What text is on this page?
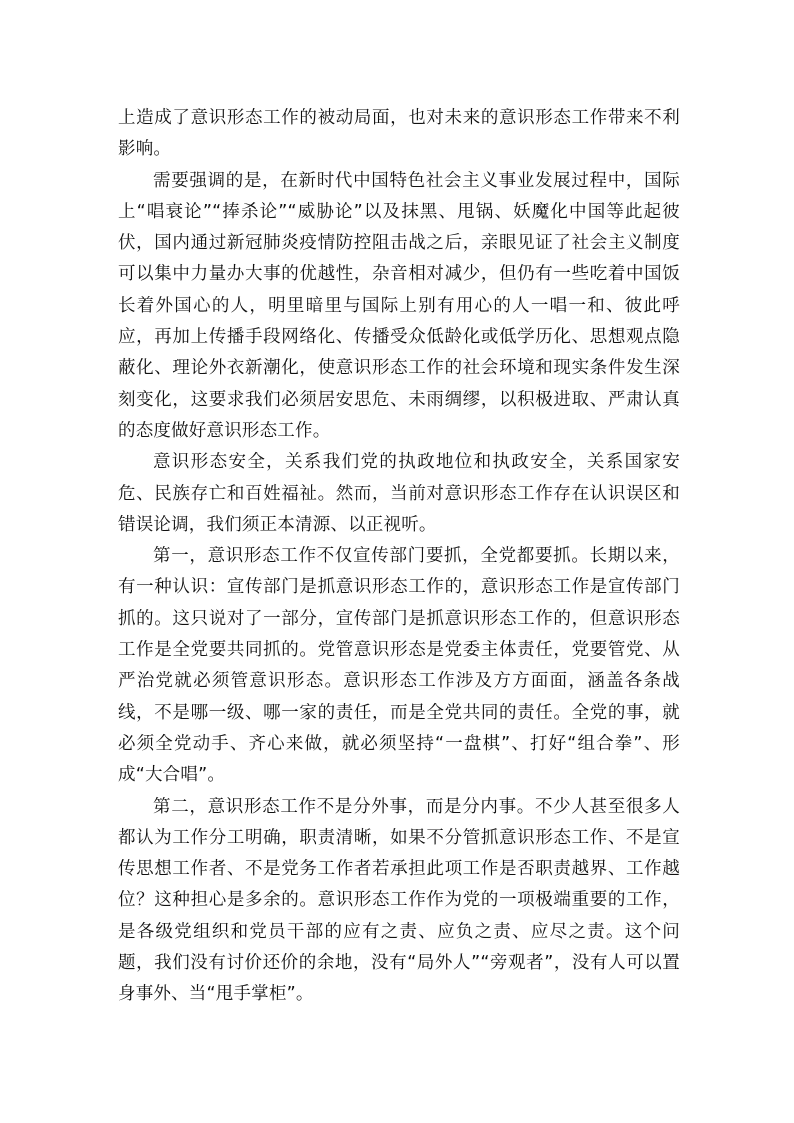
上造成了意识形态工作的被动局面，也对未来的意识形态工作带来不利影响。

需要强调的是，在新时代中国特色社会主义事业发展过程中，国际上“唱衰论”“捧杀论”“威胁论”以及抹黑、甩锅、妖魔化中国等此起彼伏，国内通过新冠肺炎疫情防控阻击战之后，亲眼见证了社会主义制度可以集中力量办大事的优越性，杂音相对减少，但仍有一些吃着中国饭长着外国心的人，明里暗里与国际上别有用心的人一唱一和、彼此呼应，再加上传播手段网络化、传播受众低龄化或低学历化、思想观点隐蔽化、理论外衣新潮化，使意识形态工作的社会环境和现实条件发生深刻变化，这要求我们必须居安思危、未雨绸缪，以积极进取、严肃认真的态度做好意识形态工作。

意识形态安全，关系我们党的执政地位和执政安全，关系国家安危、民族存亡和百姓福祉。然而，当前对意识形态工作存在认识误区和错误论调，我们须正本清源、以正视听。

第一，意识形态工作不仅宣传部门要抓，全党都要抓。长期以来，有一种认识：宣传部门是抓意识形态工作的，意识形态工作是宣传部门抓的。这只说对了一部分，宣传部门是抓意识形态工作的，但意识形态工作是全党要共同抓的。党管意识形态是党委主体责任，党要管党、从严治党就必须管意识形态。意识形态工作涉及方方面面，涵盖各条战线，不是哪一级、哪一家的责任，而是全党共同的责任。全党的事，就必须全党动手、齐心来做，就必须坚持“一盘棋”、打好“组合拳”、形成“大合唱”。

第二，意识形态工作不是分外事，而是分内事。不少人甚至很多人都认为工作分工明确，职责清晰，如果不分管抓意识形态工作、不是宣传思想工作者、不是党务工作者若承担此项工作是否职责越界、工作越位？这种担心是多余的。意识形态工作作为党的一项极端重要的工作，是各级党组织和党员干部的应有之责、应负之责、应尽之责。这个问题，我们没有讨价还价的余地，没有“局外人”“旁观者”，没有人可以置身事外、当“甩手掌柜”。
